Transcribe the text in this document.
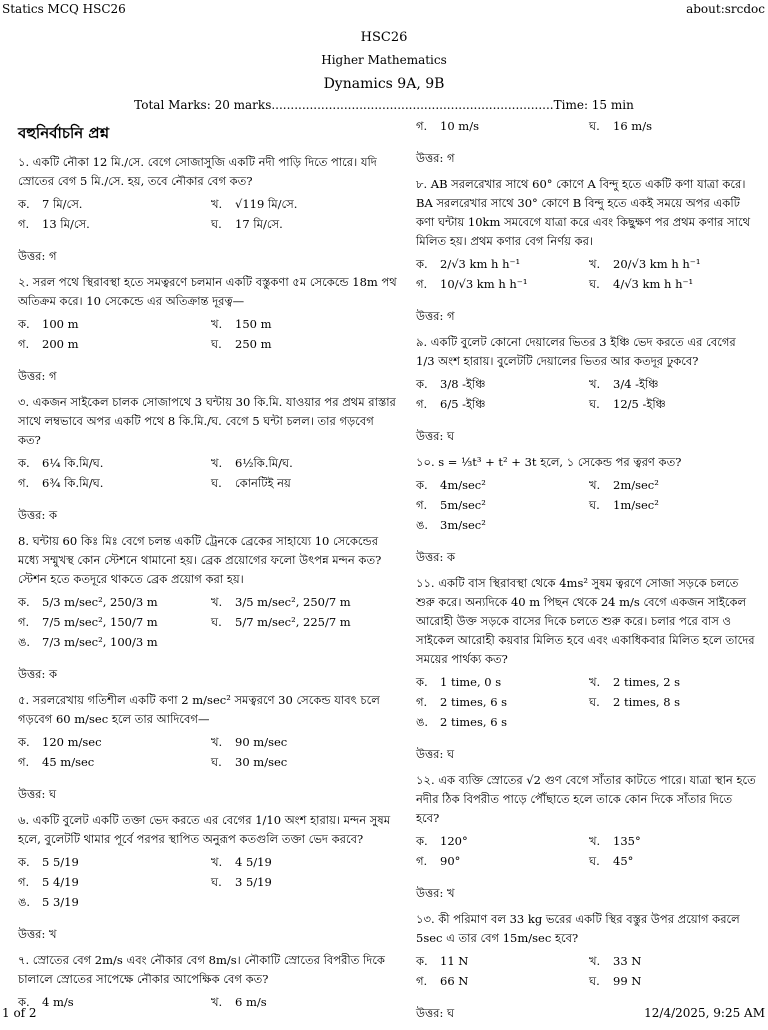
Statics MCQ HSC26	about:srcdoc
HSC26
Higher Mathematics
Dynamics 9A, 9B
Total Marks: 20 marks..........................................................................Time: 15 min
বহুনির্বাচনি প্রশ্ন
১. একটি নৌকা 12 মি./সে. বেগে সোজাসুজি একটি নদী পাড়ি দিতে পারে। যদি স্রোতের বেগ 5 মি./সে. হয়, তবে নৌকার বেগ কত?
ক. 7 মি/সে.	খ. √119 মি/সে.
গ. 13 মি/সে.	ঘ. 17 মি/সে.
উত্তর: গ
২. সরল পথে স্থিরাবস্থা হতে সমত্বরণে চলমান একটি বস্তুকণা ৫ম সেকেন্ডে 18m পথ অতিক্রম করে। 10 সেকেন্ডে এর অতিক্রান্ত দূরত্ব—
ক. 100 m	খ. 150 m
গ. 200 m	ঘ. 250 m
উত্তর: গ
৩. একজন সাইকেল চালক সোজাপথে 3 ঘন্টায় 30 কি.মি. যাওয়ার পর প্রথম রাস্তার সাথে লম্বভাবে অপর একটি পথে 8 কি.মি./ঘ. বেগে 5 ঘন্টা চলল। তার গড়বেগ কত?
ক. 6¼ কি.মি/ঘ.	খ. 6½কি.মি/ঘ.
গ. 6¾ কি.মি/ঘ.	ঘ. কোনটিই নয়
উত্তর: ক
8. ঘন্টায় 60 কিঃ মিঃ বেগে চলন্ত একটি ট্রেনকে ব্রেকের সাহায্যে 10 সেকেন্ডের মধ্যে সম্মুখস্থ কোন স্টেশনে থামানো হয়। ব্রেক প্রয়োগের ফলো উৎপন্ন মন্দন কত? স্টেশন হতে কতদূরে থাকতে ব্রেক প্রয়োগ করা হয়।
ক. 5/3 m/sec², 250/3 m	খ. 3/5 m/sec², 250/7 m
গ. 7/5 m/sec², 150/7 m	ঘ. 5/7 m/sec², 225/7 m
ঙ. 7/3 m/sec², 100/3 m
উত্তর: ক
৫. সরলরেখায় গতিশীল একটি কণা 2 m/sec² সমত্বরণে 30 সেকেন্ড যাবৎ চলে গড়বেগ 60 m/sec হলে তার আদিবেগ—
ক. 120 m/sec	খ. 90 m/sec
গ. 45 m/sec	ঘ. 30 m/sec
উত্তর: ঘ
৬. একটি বুলেট একটি তক্তা ভেদ করতে এর বেগের 1/10 অংশ হারায়। মন্দন সুষম হলে, বুলেটটি থামার পূর্বে পরপর স্থাপিত অনুরূপ কতগুলি তক্তা ভেদ করবে?
ক. 5 5/19	খ. 4 5/19
গ. 5 4/19	ঘ. 3 5/19
ঙ. 5 3/19
উত্তর: খ
৭. স্রোতের বেগ 2m/s এবং নৌকার বেগ 8m/s। নৌকাটি স্রোতের বিপরীত দিকে চালালে স্রোতের সাপেক্ষে নৌকার আপেক্ষিক বেগ কত?
ক. 4 m/s	খ. 6 m/s
গ. 10 m/s	ঘ. 16 m/s
উত্তর: গ
৮. AB সরলরেখার সাথে 60° কোণে A বিন্দু হতে একটি কণা যাত্রা করে। BA সরলরেখার সাথে 30° কোণে B বিন্দু হতে একই সময়ে অপর একটি কণা ঘন্টায় 10km সমবেগে যাত্রা করে এবং কিছুক্ষণ পর প্রথম কণার সাথে মিলিত হয়। প্রথম কণার বেগ নির্ণয় কর।
ক. 2/√3 km h h⁻¹	খ. 20/√3 km h h⁻¹
গ. 10/√3 km h h⁻¹	ঘ. 4/√3 km h h⁻¹
উত্তর: গ
৯. একটি বুলেট কোনো দেয়ালের ভিতর 3 ইঞ্চি ভেদ করতে এর বেগের 1/3 অংশ হারায়। বুলেটটি দেয়ালের ভিতর আর কতদূর ঢুকবে?
ক. 3/8 -ইঞ্চি	খ. 3/4 -ইঞ্চি
গ. 6/5 -ইঞ্চি	ঘ. 12/5 -ইঞ্চি
উত্তর: ঘ
১০. s = ⅓t³ + t² + 3t হলে, ১ সেকেন্ড পর ত্বরণ কত?
ক. 4m/sec²	খ. 2m/sec²
গ. 5m/sec²	ঘ. 1m/sec²
ঙ. 3m/sec²
উত্তর: ক
১১. একটি বাস স্থিরাবস্থা থেকে 4ms² সুষম ত্বরণে সোজা সড়কে চলতে শুরু করে। অন্যদিকে 40 m পিছন থেকে 24 m/s বেগে একজন সাইকেল আরোহী উক্ত সড়কে বাসের দিকে চলতে শুরু করে। চলার পরে বাস ও সাইকেল আরোহী কয়বার মিলিত হবে এবং একাধিকবার মিলিত হলে তাদের সময়ের পার্থক্য কত?
ক. 1 time, 0 s	খ. 2 times, 2 s
গ. 2 times, 6 s	ঘ. 2 times, 8 s
ঙ. 2 times, 6 s
উত্তর: ঘ
১২. এক ব্যক্তি স্রোতের √2 গুণ বেগে সাঁতার কাটতে পারে। যাত্রা স্থান হতে নদীর ঠিক বিপরীত পাড়ে পৌঁছাতে হলে তাকে কোন দিকে সাঁতার দিতে হবে?
ক. 120°	খ. 135°
গ. 90°	ঘ. 45°
উত্তর: খ
১৩. কী পরিমাণ বল 33 kg ভরের একটি স্থির বস্তুর উপর প্রয়োগ করলে 5sec এ তার বেগ 15m/sec হবে?
ক. 11 N	খ. 33 N
গ. 66 N	ঘ. 99 N
উত্তর: ঘ
1 of 2	12/4/2025, 9:25 AM
